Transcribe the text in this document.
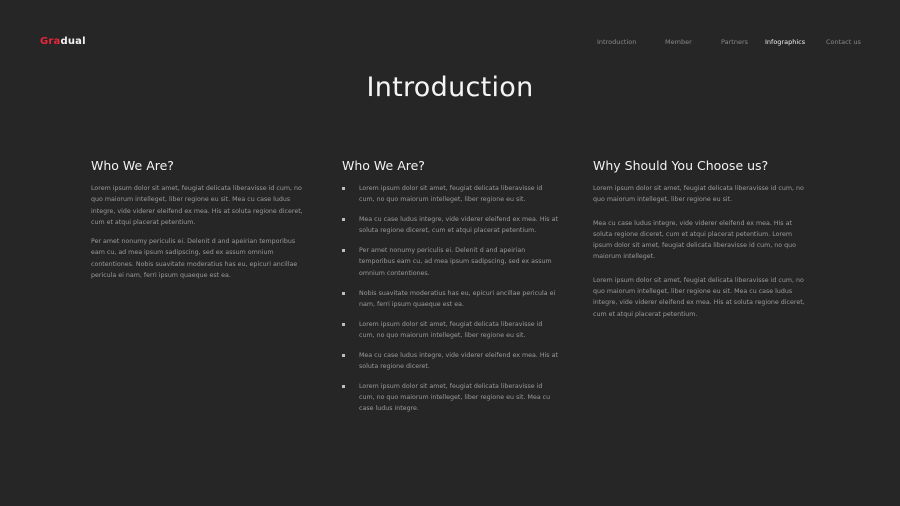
Gradual	Introduction	Member	Partners	Infographics	Contact us
Introduction
Who We Are?

Lorem ipsum dolor sit amet, feugiat delicata liberavisse id cum, no quo maiorum intelleget, liber regione eu sit. Mea cu case ludus integre, vide viderer eleifend ex mea. His at soluta regione diceret, cum et atqui placerat petentium.

Per amet nonumy periculis ei. Delenit d and apeirian temporibus eam cu, ad mea ipsum sadipscing, sed ex assum omnium contentiones. Nobis suavitate moderatius has eu, epicuri ancillae pericula ei nam, ferri ipsum quaeque est ea.

Who We Are?
Lorem ipsum dolor sit amet, feugiat delicata liberavisse id cum, no quo maiorum intelleget, liber regione eu sit.
Mea cu case ludus integre, vide viderer eleifend ex mea. His at soluta regione diceret, cum et atqui placerat petentium.
Per amet nonumy periculis ei. Delenit d and apeirian temporibus eam cu, ad mea ipsum sadipscing, sed ex assum omnium contentiones.
Nobis suavitate moderatius has eu, epicuri ancillae pericula ei nam, ferri ipsum quaeque est ea.
Lorem ipsum dolor sit amet, feugiat delicata liberavisse id cum, no quo maiorum intelleget, liber regione eu sit.
Mea cu case ludus integre, vide viderer eleifend ex mea. His at soluta regione diceret.
Lorem ipsum dolor sit amet, feugiat delicata liberavisse id cum, no quo maiorum intelleget, liber regione eu sit. Mea cu case ludus integre.
Why Should You Choose us?

Lorem ipsum dolor sit amet, feugiat delicata liberavisse id cum, no quo maiorum intelleget, liber regione eu sit.

Mea cu case ludus integre, vide viderer eleifend ex mea. His at soluta regione diceret, cum et atqui placerat petentium. Lorem ipsum dolor sit amet, feugiat delicata liberavisse id cum, no quo maiorum intelleget.

Lorem ipsum dolor sit amet, feugiat delicata liberavisse id cum, no quo maiorum intelleget, liber regione eu sit. Mea cu case ludus integre, vide viderer eleifend ex mea. His at soluta regione diceret, cum et atqui placerat petentium.
